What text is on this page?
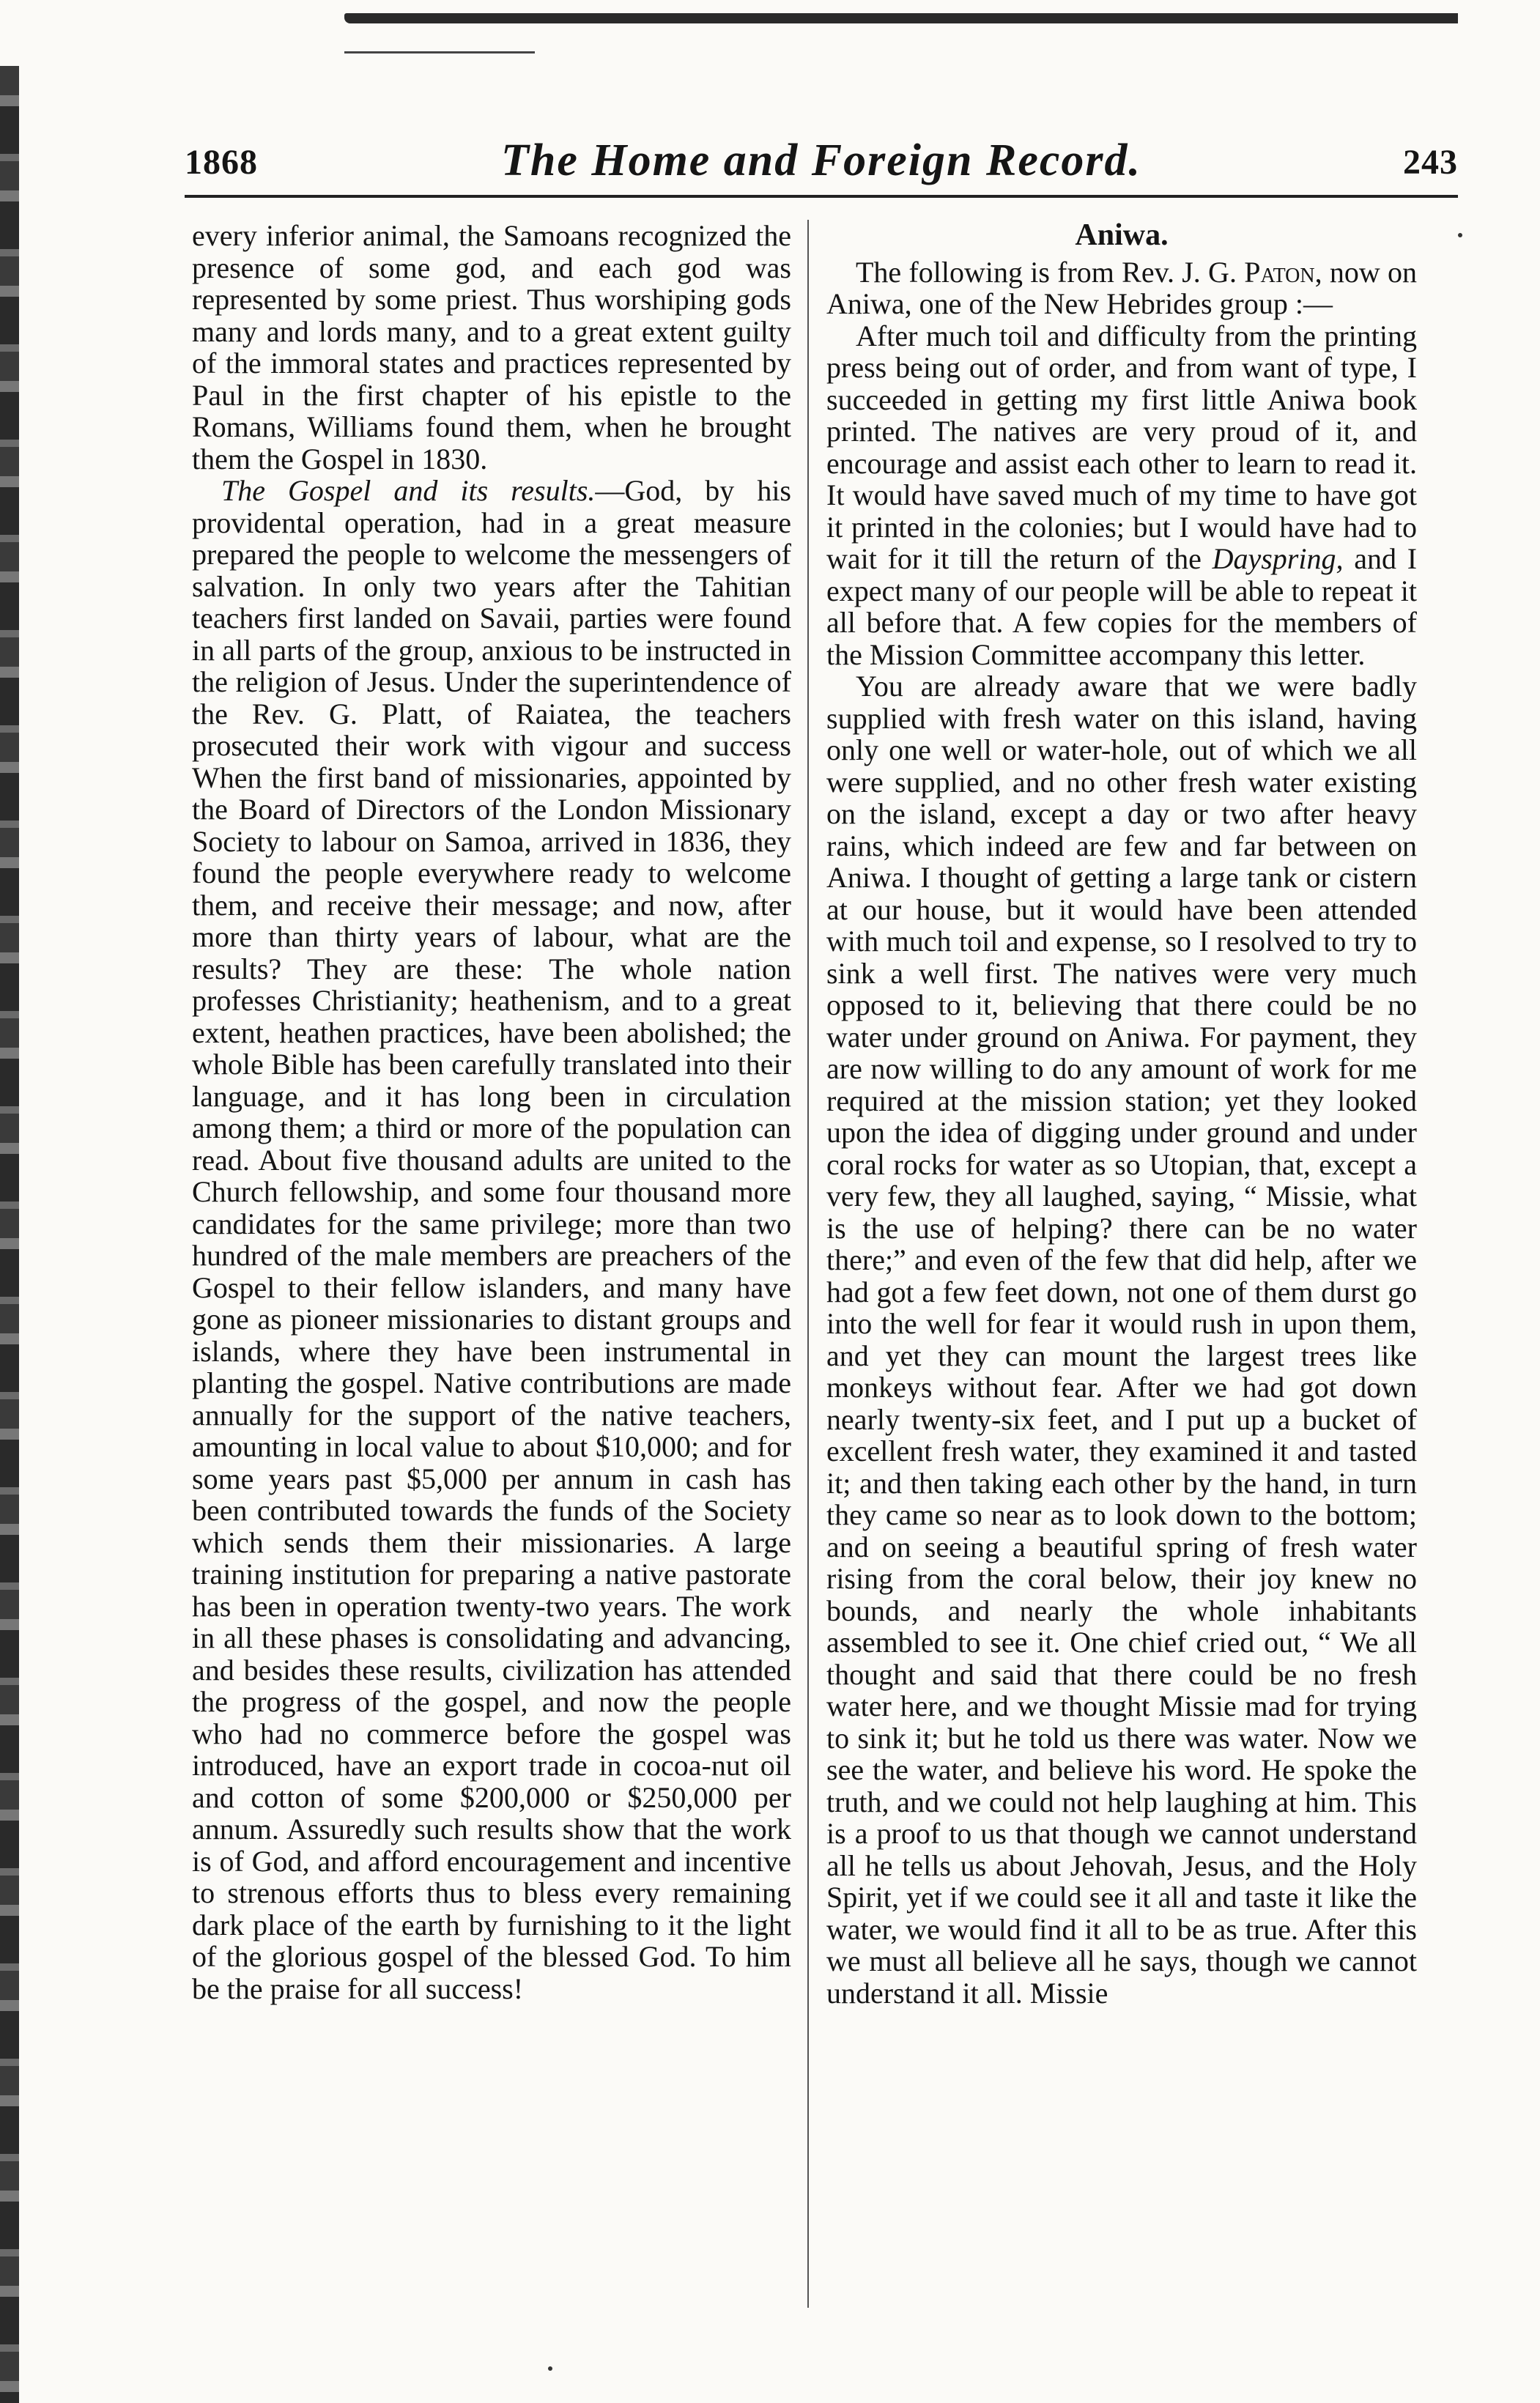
1868	The Home and Foreign Record.	243

every inferior animal, the Samoans recognized the presence of some god, and each god was represented by some priest. Thus worshiping gods many and lords many, and to a great extent guilty of the immoral states and practices represented by Paul in the first chapter of his epistle to the Romans, Williams found them, when he brought them the Gospel in 1830.

The Gospel and its results.—God, by his providental operation, had in a great measure prepared the people to welcome the messengers of salvation. In only two years after the Tahitian teachers first landed on Savaii, parties were found in all parts of the group, anxious to be instructed in the religion of Jesus. Under the superintendence of the Rev. G. Platt, of Raiatea, the teachers prosecuted their work with vigour and success When the first band of missionaries, appointed by the Board of Directors of the London Missionary Society to labour on Samoa, arrived in 1836, they found the people everywhere ready to welcome them, and receive their message; and now, after more than thirty years of labour, what are the results? They are these: The whole nation professes Christianity; heathenism, and to a great extent, heathen practices, have been abolished; the whole Bible has been carefully translated into their language, and it has long been in circulation among them; a third or more of the population can read. About five thousand adults are united to the Church fellowship, and some four thousand more candidates for the same privilege; more than two hundred of the male members are preachers of the Gospel to their fellow islanders, and many have gone as pioneer missionaries to distant groups and islands, where they have been instrumental in planting the gospel. Native contributions are made annually for the support of the native teachers, amounting in local value to about $10,000; and for some years past $5,000 per annum in cash has been contributed towards the funds of the Society which sends them their missionaries. A large training institution for preparing a native pastorate has been in operation twenty-two years. The work in all these phases is consolidating and advancing, and besides these results, civilization has attended the progress of the gospel, and now the people who had no commerce before the gospel was introduced, have an export trade in cocoa-nut oil and cotton of some $200,000 or $250,000 per annum. Assuredly such results show that the work is of God, and afford encouragement and incentive to strenous efforts thus to bless every remaining dark place of the earth by furnishing to it the light of the glorious gospel of the blessed God. To him be the praise for all success!

Aniwa.

The following is from Rev. J. G. Paton, now on Aniwa, one of the New Hebrides group :—

After much toil and difficulty from the printing press being out of order, and from want of type, I succeeded in getting my first little Aniwa book printed. The natives are very proud of it, and encourage and assist each other to learn to read it. It would have saved much of my time to have got it printed in the colonies; but I would have had to wait for it till the return of the Dayspring, and I expect many of our people will be able to repeat it all before that. A few copies for the members of the Mission Committee accompany this letter.

You are already aware that we were badly supplied with fresh water on this island, having only one well or water-hole, out of which we all were supplied, and no other fresh water existing on the island, except a day or two after heavy rains, which indeed are few and far between on Aniwa. I thought of getting a large tank or cistern at our house, but it would have been attended with much toil and expense, so I resolved to try to sink a well first. The natives were very much opposed to it, believing that there could be no water under ground on Aniwa. For payment, they are now willing to do any amount of work for me required at the mission station; yet they looked upon the idea of digging under ground and under coral rocks for water as so Utopian, that, except a very few, they all laughed, saying, “ Missie, what is the use of helping? there can be no water there;” and even of the few that did help, after we had got a few feet down, not one of them durst go into the well for fear it would rush in upon them, and yet they can mount the largest trees like monkeys without fear. After we had got down nearly twenty-six feet, and I put up a bucket of excellent fresh water, they examined it and tasted it; and then taking each other by the hand, in turn they came so near as to look down to the bottom; and on seeing a beautiful spring of fresh water rising from the coral below, their joy knew no bounds, and nearly the whole inhabitants assembled to see it. One chief cried out, “ We all thought and said that there could be no fresh water here, and we thought Missie mad for trying to sink it; but he told us there was water. Now we see the water, and believe his word. He spoke the truth, and we could not help laughing at him. This is a proof to us that though we cannot understand all he tells us about Jehovah, Jesus, and the Holy Spirit, yet if we could see it all and taste it like the water, we would find it all to be as true. After this we must all believe all he says, though we cannot understand it all. Missie
